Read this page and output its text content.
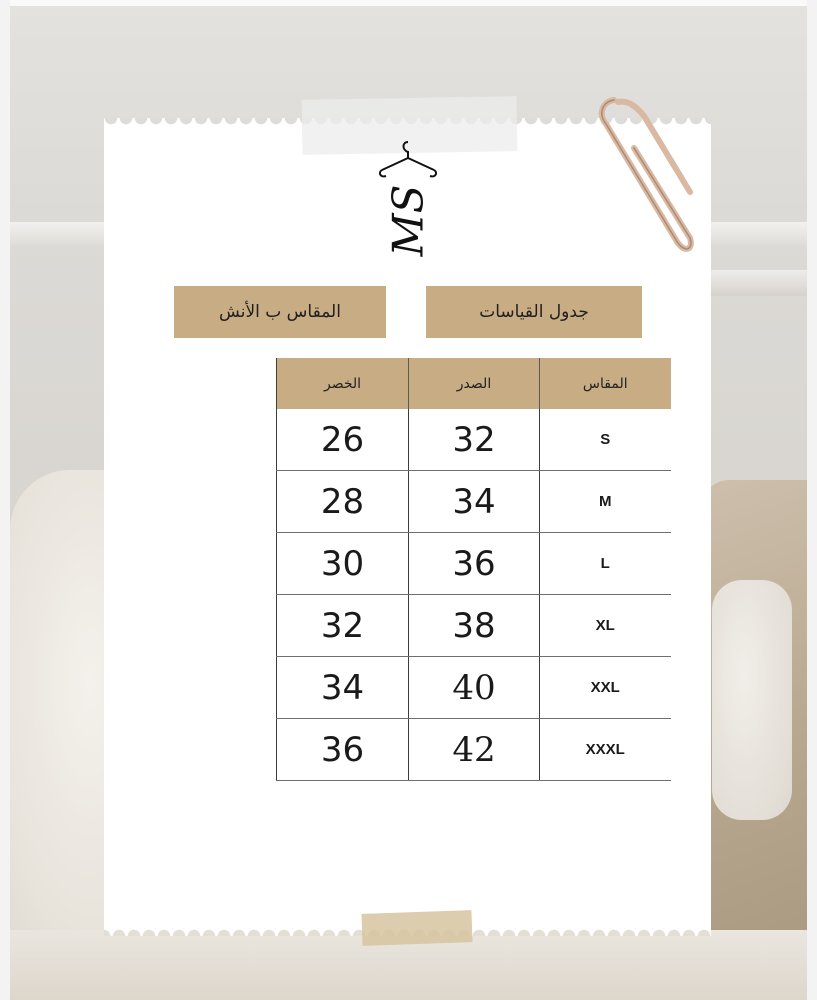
MS
المقاس ب الأنش	جدول القياسات
الخصر	الصدر	المقاس
26	32	S
28	34	M
30	36	L
32	38	XL
34	40	XXL
36	42	XXXL
